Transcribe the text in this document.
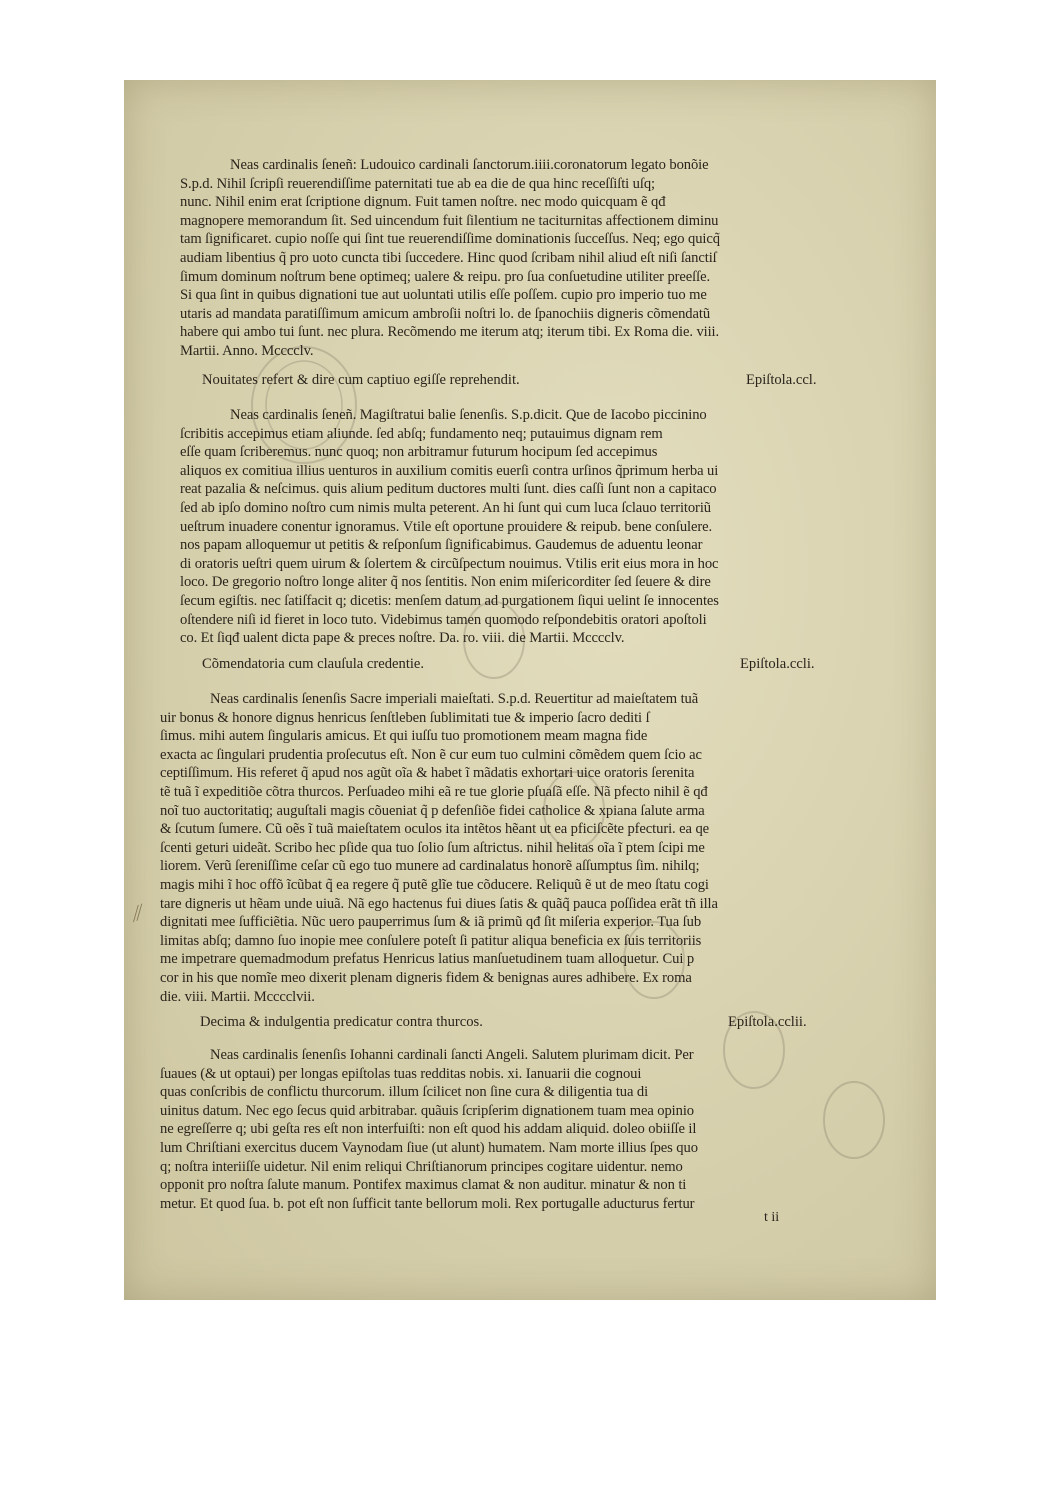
⁄⁄
Neas cardinalis ſeneñ: Ludouico cardinali ſanctorum.iiii.coronatorum legato bonõie
S.p.d. Nihil ſcripſi reuerendiſſime paternitati tue ab ea die de qua hinc receſſiſti uſq;
nunc. Nihil enim erat ſcriptione dignum. Fuit tamen noſtre. nec modo quicquam ẽ qđ
magnopere memorandum ſit. Sed uincendum fuit ſilentium ne taciturnitas affectionem diminu
tam ſignificaret. cupio noſſe qui ſint tue reuerendiſſime dominationis ſucceſſus. Neq; ego quicq̃
audiam libentius q̃ pro uoto cuncta tibi ſuccedere. Hinc quod ſcribam nihil aliud eſt niſi ſanctiſ
ſimum dominum noſtrum bene optimeq; ualere & reipu. pro ſua conſuetudine utiliter preeſſe.
Si qua ſint in quibus dignationi tue aut uoluntati utilis eſſe poſſem. cupio pro imperio tuo me
utaris ad mandata paratiſſimum amicum ambroſii noſtri lo. de ſpanochiis digneris cõmendatũ
habere qui ambo tui ſunt. nec plura. Recõmendo me iterum atq; iterum tibi. Ex Roma die. viii.
Martii. Anno. Mcccclv.
Nouitates refert & dire cum captiuo egiſſe reprehendit.	Epiſtola.ccl.
Neas cardinalis ſeneñ. Magiſtratui balie ſenenſis. S.p.dicit. Que de Iacobo piccinino
ſcribitis accepimus etiam aliunde. ſed abſq; fundamento neq; putauimus dignam rem
eſſe quam ſcriberemus. nunc quoq; non arbitramur futurum hocipum ſed accepimus
aliquos ex comitiua illius uenturos in auxilium comitis euerſi contra urſinos q̃primum herba ui
reat pazalia & neſcimus. quis alium peditum ductores multi ſunt. dies caſſi ſunt non a capitaco
ſed ab ipſo domino noſtro cum nimis multa peterent. An hi ſunt qui cum luca ſclauo territoriũ
ueſtrum inuadere conentur ignoramus. Vtile eſt oportune prouidere & reipub. bene conſulere.
nos papam alloquemur ut petitis & reſponſum ſignificabimus. Gaudemus de aduentu leonar
di oratoris ueſtri quem uirum & ſolertem & circũſpectum nouimus. Vtilis erit eius mora in hoc
loco. De gregorio noſtro longe aliter q̃ nos ſentitis. Non enim miſericorditer ſed ſeuere & dire
ſecum egiſtis. nec ſatiſfacit q; dicetis: menſem datum ad purgationem ſiqui uelint ſe innocentes
oſtendere niſi id fieret in loco tuto. Videbimus tamen quomodo reſpondebitis oratori apoſtoli
co. Et ſiqđ ualent dicta pape & preces noſtre. Da. ro. viii. die Martii. Mcccclv.
Cõmendatoria cum clauſula credentie.	Epiſtola.ccli.
Neas cardinalis ſenenſis Sacre imperiali maieſtati. S.p.d. Reuertitur ad maieſtatem tuã
uir bonus & honore dignus henricus ſenſtleben ſublimitati tue & imperio ſacro dediti ſ
ſimus. mihi autem ſingularis amicus. Et qui iuſſu tuo promotionem meam magna fide
exacta ac ſingulari prudentia proſecutus eſt. Non ẽ cur eum tuo culmini cõmẽdem quem ſcio ac
ceptiſſimum. His referet q̃ apud nos agũt oĩa & habet ĩ mãdatis exhortari uice oratoris ſerenita
tẽ tuã ĩ expeditiõe cõtra thurcos. Perſuadeo mihi eã re tue glorie pſuaſã eſſe. Nã pfecto nihil ẽ qđ
noĩ tuo auctoritatiq; auguſtali magis cõueniat q̃ p defenſiõe fidei catholice & xpiana ſalute arma
& ſcutum ſumere. Cũ oẽs ĩ tuã maieſtatem oculos ita intẽtos hẽant ut ea pficiſcẽte pfecturi. ea qe
ſcenti geturi uideãt. Scribo hec pſide qua tuo ſolio ſum aſtrictus. nihil helitas oĩa ĩ ptem ſcipi me
liorem. Verũ ſereniſſime ceſar cũ ego tuo munere ad cardinalatus honorẽ aſſumptus ſim. nihilq;
magis mihi ĩ hoc offõ ĩcũbat q̃ ea regere q̃ putẽ glĩe tue cõducere. Reliquũ ẽ ut de meo ſtatu cogi
tare digneris ut hẽam unde uiuã. Nã ego hactenus fui diues ſatis & quãq̃ pauca poſſidea erãt tñ illa
dignitati mee ſufficiẽtia. Nũc uero pauperrimus ſum & iã primũ qđ ſit miſeria experior. Tua ſub
limitas abſq; damno ſuo inopie mee conſulere poteſt ſi patitur aliqua beneficia ex ſuis territoriis
me impetrare quemadmodum prefatus Henricus latius manſuetudinem tuam alloquetur. Cui p
cor in his que nomĩe meo dixerit plenam digneris fidem & benignas aures adhibere. Ex roma
die. viii. Martii. Mcccclvii.
Decima & indulgentia predicatur contra thurcos.	Epiſtola.cclii.
Neas cardinalis ſenenſis Iohanni cardinali ſancti Angeli. Salutem plurimam dicit. Per
ſuaues (& ut optaui) per longas epiſtolas tuas redditas nobis. xi. Ianuarii die cognoui
quas conſcribis de conflictu thurcorum. illum ſcilicet non ſine cura & diligentia tua di
uinitus datum. Nec ego ſecus quid arbitrabar. quãuis ſcripſerim dignationem tuam mea opinio
ne egreſſerre q; ubi geſta res eſt non interfuiſti: non eſt quod his addam aliquid. doleo obiiſſe il
lum Chriſtiani exercitus ducem Vaynodam ſiue (ut alunt) humatem. Nam morte illius ſpes quo
q; noſtra interiiſſe uidetur. Nil enim reliqui Chriſtianorum principes cogitare uidentur. nemo
opponit pro noſtra ſalute manum. Pontifex maximus clamat & non auditur. minatur & non ti
metur. Et quod ſua. b. pot eſt non ſufficit tante bellorum moli. Rex portugalle aducturus fertur
t ii
